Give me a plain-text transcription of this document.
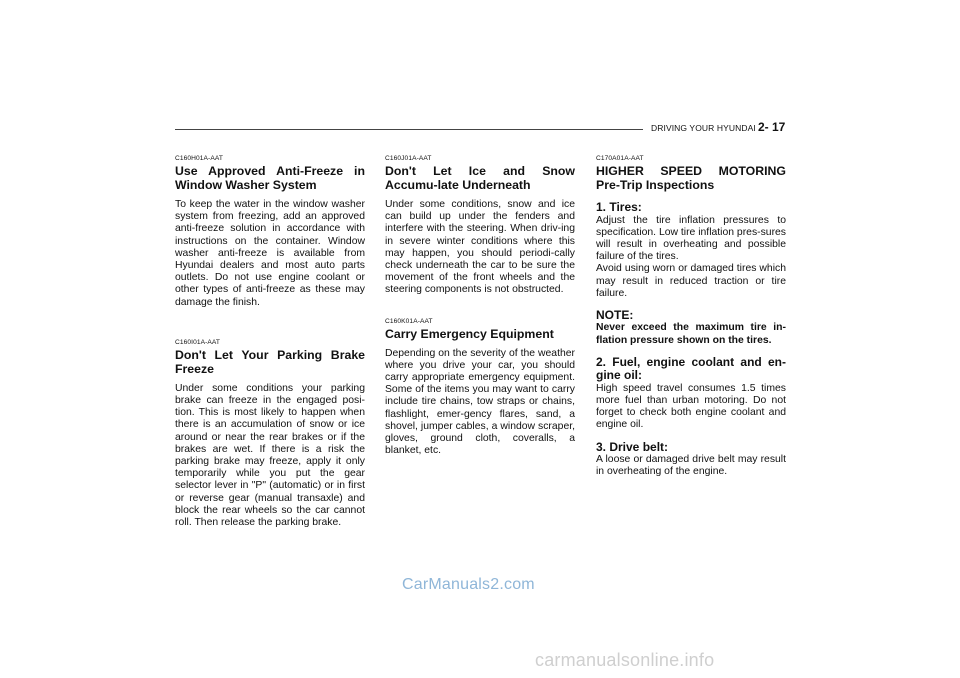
DRIVING YOUR HYUNDAI 2- 17

C160H01A-AAT

Use Approved Anti-Freeze in Window Washer System

To keep the water in the window washer system from freezing, add an approved anti-freeze solution in accordance with instructions on the container. Window washer anti-freeze is available from Hyundai dealers and most auto parts outlets. Do not use engine coolant or other types of anti-freeze as these may damage the finish.

C160I01A-AAT

Don't Let Your Parking Brake Freeze

Under some conditions your parking brake can freeze in the engaged posi-tion. This is most likely to happen when there is an accumulation of snow or ice around or near the rear brakes or if the brakes are wet. If there is a risk the parking brake may freeze, apply it only temporarily while you put the gear selector lever in "P" (automatic) or in first or reverse gear (manual transaxle) and block the rear wheels so the car cannot roll. Then release the parking brake.

C160J01A-AAT

Don't Let Ice and Snow Accumu-late Underneath

Under some conditions, snow and ice can build up under the fenders and interfere with the steering. When driv-ing in severe winter conditions where this may happen, you should periodi-cally check underneath the car to be sure the movement of the front wheels and the steering components is not obstructed.

C160K01A-AAT

Carry Emergency Equipment

Depending on the severity of the weather where you drive your car, you should carry appropriate emergency equipment. Some of the items you may want to carry include tire chains, tow straps or chains, flashlight, emer-gency flares, sand, a shovel, jumper cables, a window scraper, gloves, ground cloth, coveralls, a blanket, etc.

C170A01A-AAT

HIGHER SPEED MOTORING Pre-Trip Inspections

1. Tires:

Adjust the tire inflation pressures to specification. Low tire inflation pres-sures will result in overheating and possible failure of the tires.

Avoid using worn or damaged tires which may result in reduced traction or tire failure.

NOTE:

Never exceed the maximum tire in-flation pressure shown on the tires.

2. Fuel, engine coolant and en-gine oil:

High speed travel consumes 1.5 times more fuel than urban motoring. Do not forget to check both engine coolant and engine oil.

3. Drive belt:

A loose or damaged drive belt may result in overheating of the engine.

CarManuals2.com
carmanualsonline.info
